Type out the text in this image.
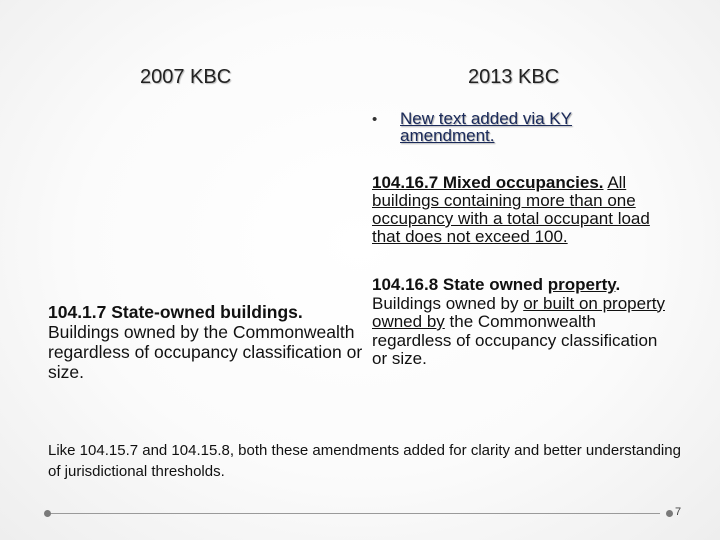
2007 KBC	2013 KBC
• New text added via KY amendment.
104.16.7 Mixed occupancies. All buildings containing more than one occupancy with a total occupant load that does not exceed 100.
104.16.8 State owned property. Buildings owned by or built on property owned by the Commonwealth regardless of occupancy classification or size.
104.1.7 State-owned buildings. Buildings owned by the Commonwealth regardless of occupancy classification or size.
Like 104.15.7 and 104.15.8, both these amendments added for clarity and better understanding of jurisdictional thresholds.
7
